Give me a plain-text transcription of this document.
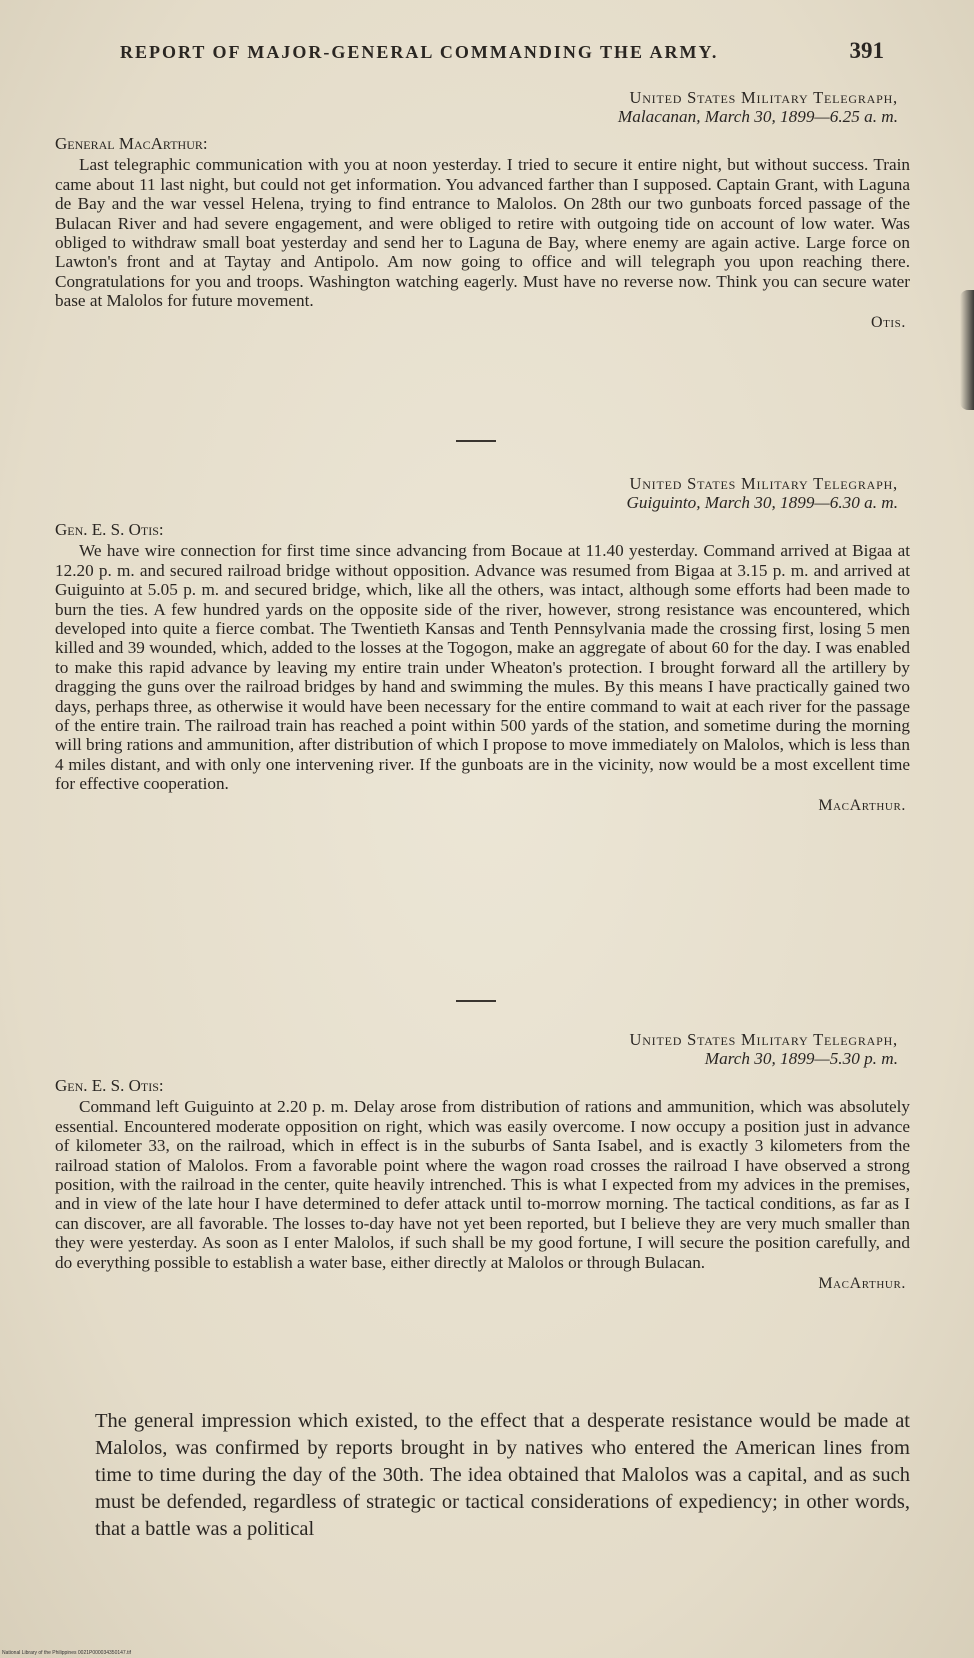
REPORT OF MAJOR-GENERAL COMMANDING THE ARMY.	391
United States Military Telegraph,
Malacanan, March 30, 1899—6.25 a. m.
General MacArthur:

Last telegraphic communication with you at noon yesterday. I tried to secure it entire night, but without success. Train came about 11 last night, but could not get information. You advanced farther than I supposed. Captain Grant, with Laguna de Bay and the war vessel Helena, trying to find entrance to Malolos. On 28th our two gunboats forced passage of the Bulacan River and had severe engagement, and were obliged to retire with outgoing tide on account of low water. Was obliged to withdraw small boat yesterday and send her to Laguna de Bay, where enemy are again active. Large force on Lawton's front and at Taytay and Antipolo. Am now going to office and will telegraph you upon reaching there. Congratulations for you and troops. Washington watching eagerly. Must have no reverse now. Think you can secure water base at Malolos for future movement.

Otis.
United States Military Telegraph,
Guiguinto, March 30, 1899—6.30 a. m.
Gen. E. S. Otis:

We have wire connection for first time since advancing from Bocaue at 11.40 yesterday. Command arrived at Bigaa at 12.20 p. m. and secured railroad bridge without opposition. Advance was resumed from Bigaa at 3.15 p. m. and arrived at Guiguinto at 5.05 p. m. and secured bridge, which, like all the others, was intact, although some efforts had been made to burn the ties. A few hundred yards on the opposite side of the river, however, strong resistance was encountered, which developed into quite a fierce combat. The Twentieth Kansas and Tenth Pennsylvania made the crossing first, losing 5 men killed and 39 wounded, which, added to the losses at the Togogon, make an aggregate of about 60 for the day. I was enabled to make this rapid advance by leaving my entire train under Wheaton's protection. I brought forward all the artillery by dragging the guns over the railroad bridges by hand and swimming the mules. By this means I have practically gained two days, perhaps three, as otherwise it would have been necessary for the entire command to wait at each river for the passage of the entire train. The railroad train has reached a point within 500 yards of the station, and sometime during the morning will bring rations and ammunition, after distribution of which I propose to move immediately on Malolos, which is less than 4 miles distant, and with only one intervening river. If the gunboats are in the vicinity, now would be a most excellent time for effective cooperation.

MacArthur.
United States Military Telegraph,
March 30, 1899—5.30 p. m.
Gen. E. S. Otis:

Command left Guiguinto at 2.20 p. m. Delay arose from distribution of rations and ammunition, which was absolutely essential. Encountered moderate opposition on right, which was easily overcome. I now occupy a position just in advance of kilometer 33, on the railroad, which in effect is in the suburbs of Santa Isabel, and is exactly 3 kilometers from the railroad station of Malolos. From a favorable point where the wagon road crosses the railroad I have observed a strong position, with the railroad in the center, quite heavily intrenched. This is what I expected from my advices in the premises, and in view of the late hour I have determined to defer attack until to-morrow morning. The tactical conditions, as far as I can discover, are all favorable. The losses to-day have not yet been reported, but I believe they are very much smaller than they were yesterday. As soon as I enter Malolos, if such shall be my good fortune, I will secure the position carefully, and do everything possible to establish a water base, either directly at Malolos or through Bulacan.

MacArthur.

The general impression which existed, to the effect that a desperate resistance would be made at Malolos, was confirmed by reports brought in by natives who entered the American lines from time to time during the day of the 30th. The idea obtained that Malolos was a capital, and as such must be defended, regardless of strategic or tactical considerations of expediency; in other words, that a battle was a political

National Library of the Philippines 0021P000034350147.tif
